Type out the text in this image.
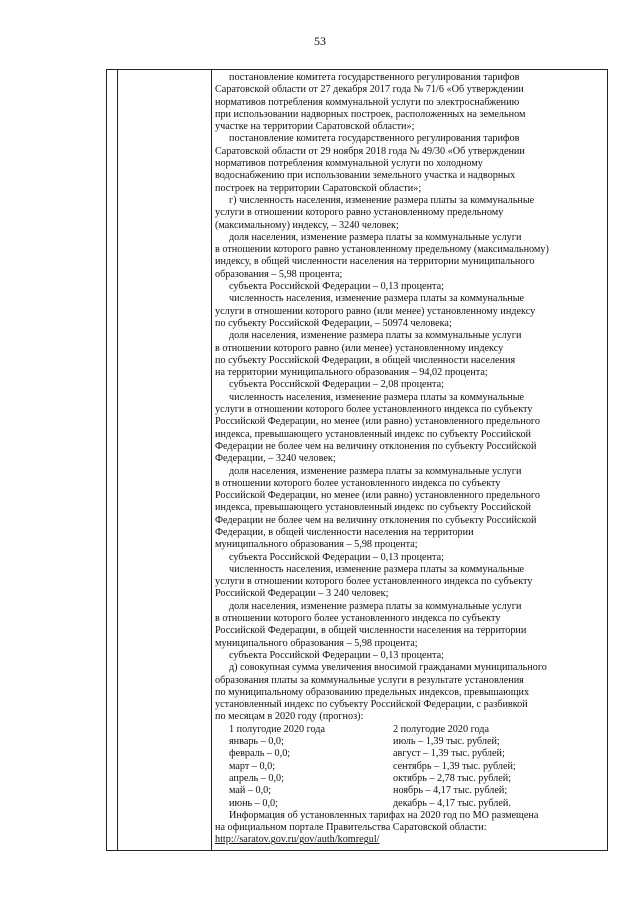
53
постановление комитета государственного регулирования тарифов
Саратовской области от 27 декабря 2017 года № 71/6 «Об утверждении
нормативов потребления коммунальной услуги по электроснабжению
при использовании надворных построек, расположенных на земельном
участке на территории Саратовской области»;
постановление комитета государственного регулирования тарифов
Саратовской области от 29 ноября 2018 года № 49/30 «Об утверждении
нормативов потребления коммунальной услуги по холодному
водоснабжению при использовании земельного участка и надворных
построек на территории Саратовской области»;
г) численность населения, изменение размера платы за коммунальные
услуги в отношении которого равно установленному предельному
(максимальному) индексу, – 3240 человек;
доля населения, изменение размера платы за коммунальные услуги
в отношении которого равно установленному предельному (максимальному)
индексу, в общей численности населения на территории муниципального
образования – 5,98 процента;
субъекта Российской Федерации – 0,13 процента;
численность населения, изменение размера платы за коммунальные
услуги в отношении которого равно (или менее) установленному индексу
по субъекту Российской Федерации, – 50974 человека;
доля населения, изменение размера платы за коммунальные услуги
в отношении которого равно (или менее) установленному индексу
по субъекту Российской Федерации, в общей численности населения
на территории муниципального образования – 94,02 процента;
субъекта Российской Федерации – 2,08 процента;
численность населения, изменение размера платы за коммунальные
услуги в отношении которого более установленного индекса по субъекту
Российской Федерации, но менее (или равно) установленного предельного
индекса, превышающего установленный индекс по субъекту Российской
Федерации не более чем на величину отклонения по субъекту Российской
Федерации, – 3240 человек;
доля населения, изменение размера платы за коммунальные услуги
в отношении которого более установленного индекса по субъекту
Российской Федерации, но менее (или равно) установленного предельного
индекса, превышающего установленный индекс по субъекту Российской
Федерации не более чем на величину отклонения по субъекту Российской
Федерации, в общей численности населения на территории
муниципального образования – 5,98 процента;
субъекта Российской Федерации – 0,13 процента;
численность населения, изменение размера платы за коммунальные
услуги в отношении которого более установленного индекса по субъекту
Российской Федерации – 3 240 человек;
доля населения, изменение размера платы за коммунальные услуги
в отношении которого более установленного индекса по субъекту
Российской Федерации, в общей численности населения на территории
муниципального образования – 5,98 процента;
субъекта Российской Федерации – 0,13 процента;
д) совокупная сумма увеличения вносимой гражданами муниципального
образования платы за коммунальные услуги в результате установления
по муниципальному образованию предельных индексов, превышающих
установленный индекс по субъекту Российской Федерации, с разбивкой
по месяцам в 2020 году (прогноз):
1 полугодие 2020 года	2 полугодие 2020 года
январь – 0,0;	июль – 1,39 тыс. рублей;
февраль – 0,0;	август – 1,39 тыс. рублей;
март – 0,0;	сентябрь – 1,39 тыс. рублей;
апрель – 0,0;	октябрь – 2,78 тыс. рублей;
май – 0,0;	ноябрь – 4,17 тыс. рублей;
июнь – 0,0;	декабрь – 4,17 тыс. рублей.
Информация об установленных тарифах на 2020 год по МО размещена
на официальном портале Правительства Саратовской области:
http://saratov.gov.ru/gov/auth/komregul/
